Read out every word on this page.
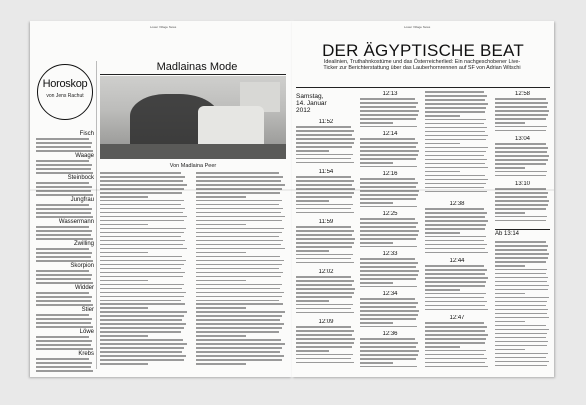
Lower Village News
Horoskop
von Jens Rachut
Fisch
Waage
Steinbock
Jungfrau
Wassermann
Zwilling
Skorpion
Widder
Stier
Löwe
Krebs
Madlainas Mode
Von Madlaina Peer
Lower Village News
DER ÄGYPTISCHE BEAT
Idealinien, Truthahnkostüme und das Österreicherlied: Ein nachgeschobener Live-Ticker zur Berichterstattung über das Lauberhornrennen auf SF von Adrian Witschi
Samstag,
14. Januar
2012
11:52
11:54
11:59
12:02
12:09
12:13
12:14
12:16
12:25
12:33
12:34
12:36
12:38
12:44
12:47
12:58
13:04
13:10
Ab 13:14
